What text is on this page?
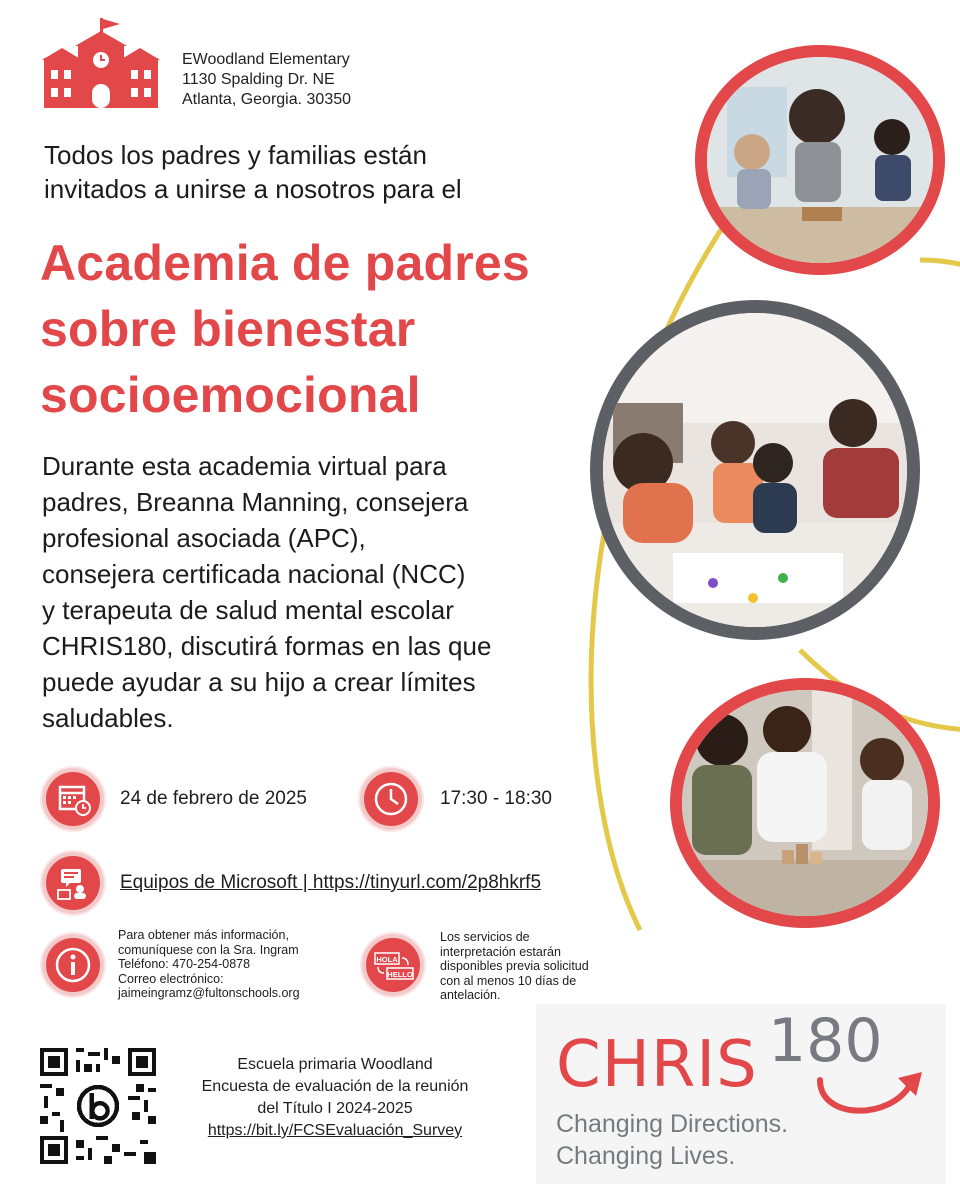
EWoodland Elementary
1130 Spalding Dr. NE
Atlanta, Georgia. 30350
Todos los padres y familias están
invitados a unirse a nosotros para el
Academia de padres
sobre bienestar
socioemocional
Durante esta academia virtual para
padres, Breanna Manning, consejera
profesional asociada (APC),
consejera certificada nacional (NCC)
y terapeuta de salud mental escolar
CHRIS180, discutirá formas en las que
puede ayudar a su hijo a crear límites
saludables.
HOLA
HELLO
24 de febrero de 2025	17:30 - 18:30
Equipos de Microsoft | https://tinyurl.com/2p8hkrf5
Para obtener más información,
comuníquese con la Sra. Ingram
Teléfono: 470-254-0878
Correo electrónico:
jaimeingramz@fultonschools.org
Los servicios de
interpretación estarán
disponibles previa solicitud
con al menos 10 días de
antelación.
Escuela primaria Woodland
Encuesta de evaluación de la reunión
del Título I 2024-2025
https://bit.ly/FCSEvaluación_Survey
CHRIS 180
Changing Directions.
Changing Lives.
